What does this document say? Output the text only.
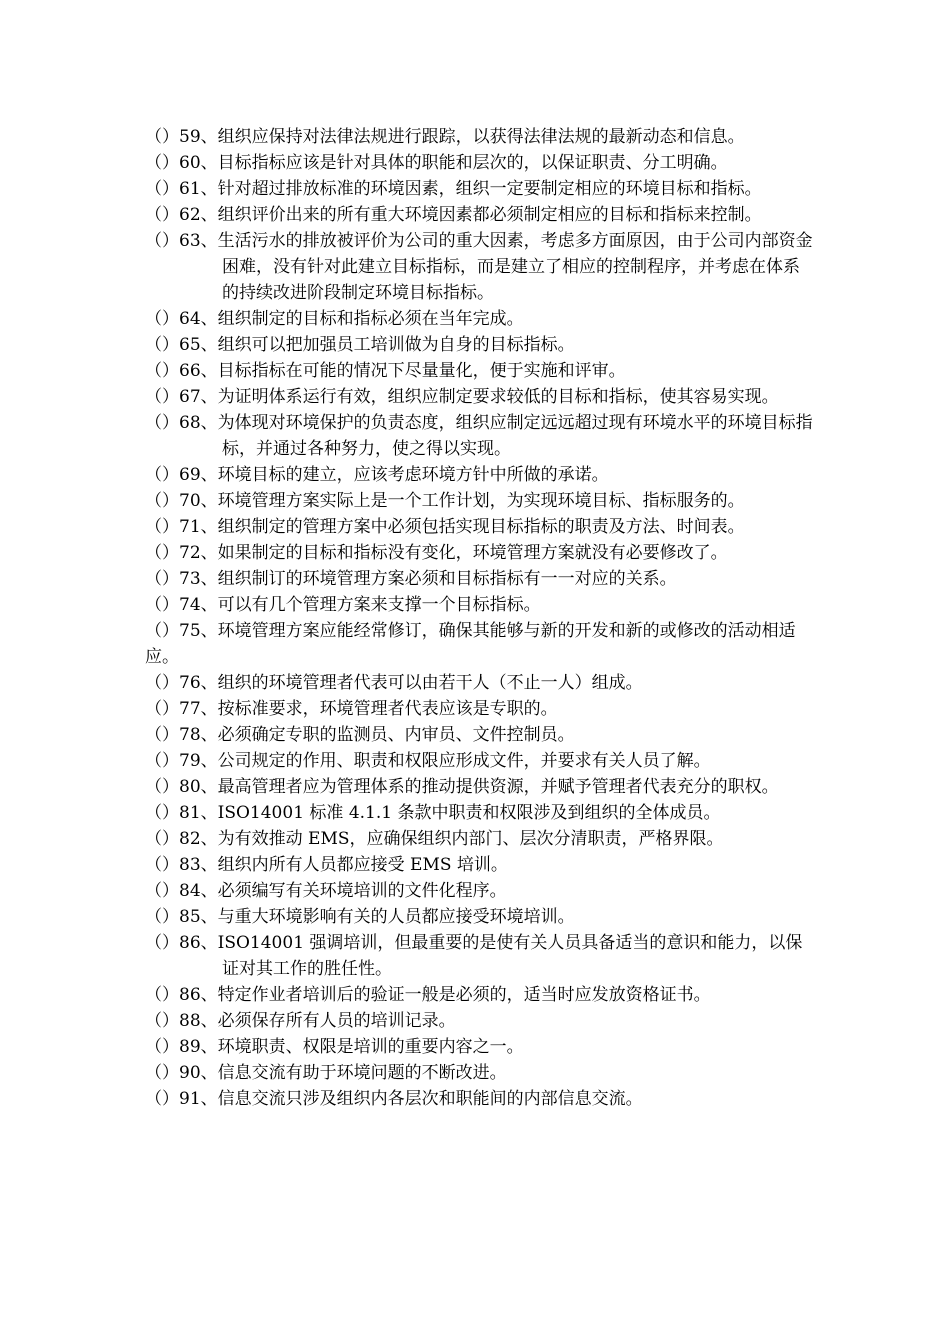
（）59、组织应保持对法律法规进行跟踪，以获得法律法规的最新动态和信息。

（）60、目标指标应该是针对具体的职能和层次的，以保证职责、分工明确。

（）61、针对超过排放标准的环境因素，组织一定要制定相应的环境目标和指标。

（）62、组织评价出来的所有重大环境因素都必须制定相应的目标和指标来控制。

（）63、生活污水的排放被评价为公司的重大因素，考虑多方面原因，由于公司内部资金困难，没有针对此建立目标指标，而是建立了相应的控制程序，并考虑在体系的持续改进阶段制定环境目标指标。

（）64、组织制定的目标和指标必须在当年完成。

（）65、组织可以把加强员工培训做为自身的目标指标。

（）66、目标指标在可能的情况下尽量量化，便于实施和评审。

（）67、为证明体系运行有效，组织应制定要求较低的目标和指标，使其容易实现。

（）68、为体现对环境保护的负责态度，组织应制定远远超过现有环境水平的环境目标指标，并通过各种努力，使之得以实现。

（）69、环境目标的建立，应该考虑环境方针中所做的承诺。

（）70、环境管理方案实际上是一个工作计划，为实现环境目标、指标服务的。

（）71、组织制定的管理方案中必须包括实现目标指标的职责及方法、时间表。

（）72、如果制定的目标和指标没有变化，环境管理方案就没有必要修改了。

（）73、组织制订的环境管理方案必须和目标指标有一一对应的关系。

（）74、可以有几个管理方案来支撑一个目标指标。

（）75、环境管理方案应能经常修订，确保其能够与新的开发和新的或修改的活动相适应。

（）76、组织的环境管理者代表可以由若干人（不止一人）组成。

（）77、按标准要求，环境管理者代表应该是专职的。

（）78、必须确定专职的监测员、内审员、文件控制员。

（）79、公司规定的作用、职责和权限应形成文件，并要求有关人员了解。

（）80、最高管理者应为管理体系的推动提供资源，并赋予管理者代表充分的职权。

（）81、ISO14001 标准 4.1.1 条款中职责和权限涉及到组织的全体成员。

（）82、为有效推动 EMS，应确保组织内部门、层次分清职责，严格界限。

（）83、组织内所有人员都应接受 EMS 培训。

（）84、必须编写有关环境培训的文件化程序。

（）85、与重大环境影响有关的人员都应接受环境培训。

（）86、ISO14001 强调培训，但最重要的是使有关人员具备适当的意识和能力，以保证对其工作的胜任性。

（）86、特定作业者培训后的验证一般是必须的，适当时应发放资格证书。

（）88、必须保存所有人员的培训记录。

（）89、环境职责、权限是培训的重要内容之一。

（）90、信息交流有助于环境问题的不断改进。

（）91、信息交流只涉及组织内各层次和职能间的内部信息交流。
